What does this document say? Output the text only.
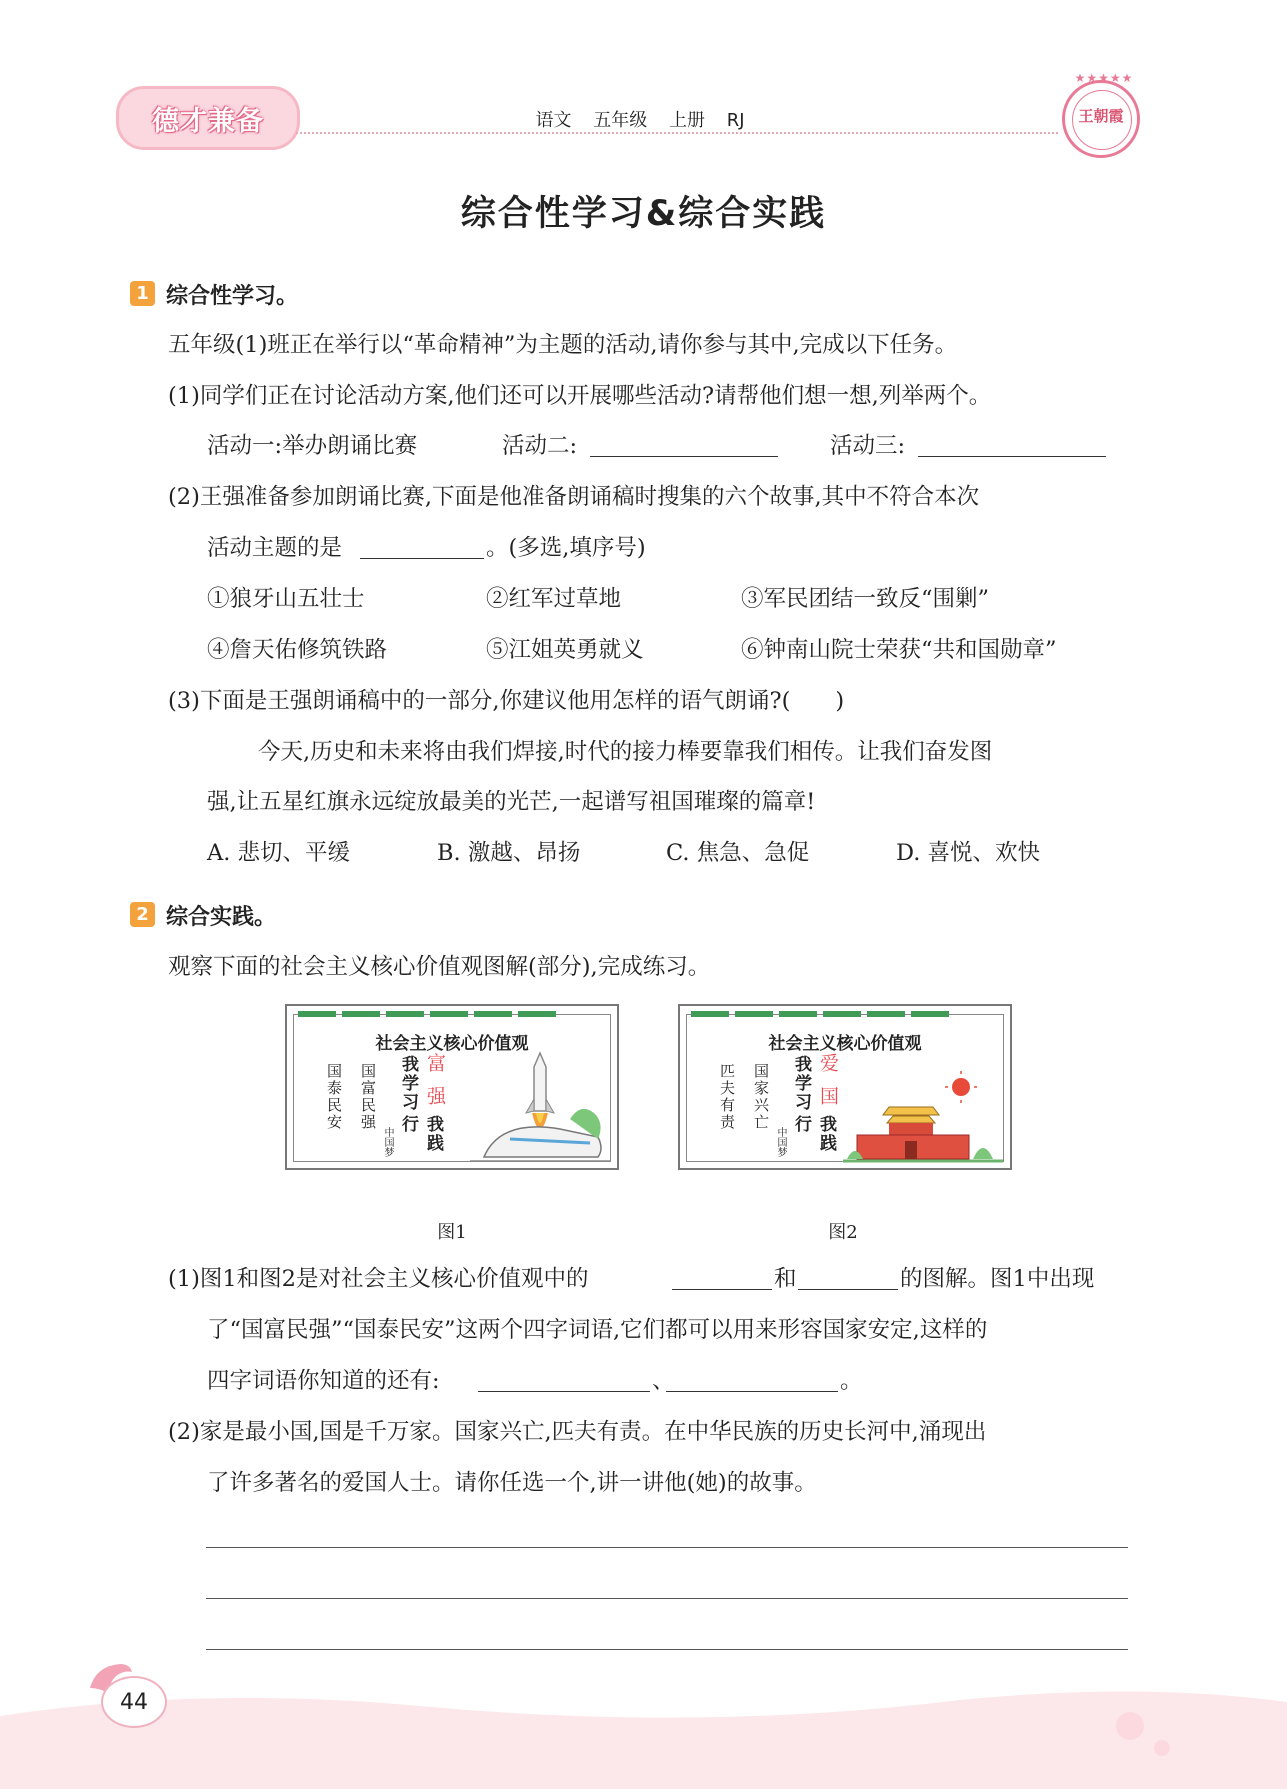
德才兼备	语文 五年级 上册 RJ
★★★★★
王朝霞
综合性学习&综合实践
1 综合性学习。
五年级(1)班正在举行以“革命精神”为主题的活动,请你参与其中,完成以下任务。
(1)同学们正在讨论活动方案,他们还可以开展哪些活动?请帮他们想一想,列举两个。
活动一:举办朗诵比赛	活动二:	活动三:
(2)王强准备参加朗诵比赛,下面是他准备朗诵稿时搜集的六个故事,其中不符合本次
活动主题的是	。(多选,填序号)
①狼牙山五壮士	②红军过草地	③军民团结一致反“围剿”
④詹天佑修筑铁路	⑤江姐英勇就义	⑥钟南山院士荣获“共和国勋章”
(3)下面是王强朗诵稿中的一部分,你建议他用怎样的语气朗诵?(　　)
今天,历史和未来将由我们焊接,时代的接力棒要靠我们相传。让我们奋发图
强,让五星红旗永远绽放最美的光芒,一起谱写祖国璀璨的篇章!
A. 悲切、平缓	B. 激越、昂扬	C. 焦急、急促	D. 喜悦、欢快
2 综合实践。
观察下面的社会主义核心价值观图解(部分),完成练习。
社会主义核心价值观
国泰民安 国富民强 我学习
中国梦	我践行
富强
图1
社会主义核心价值观
匹夫有责 国家兴亡 我学习
中国梦	我践行
爱国
图2
(1)图1和图2是对社会主义核心价值观中的	和	的图解。图1中出现
了“国富民强”“国泰民安”这两个四字词语,它们都可以用来形容国家安定,这样的
四字词语你知道的还有:	、	。
(2)家是最小国,国是千万家。国家兴亡,匹夫有责。在中华民族的历史长河中,涌现出
了许多著名的爱国人士。请你任选一个,讲一讲他(她)的故事。
44
